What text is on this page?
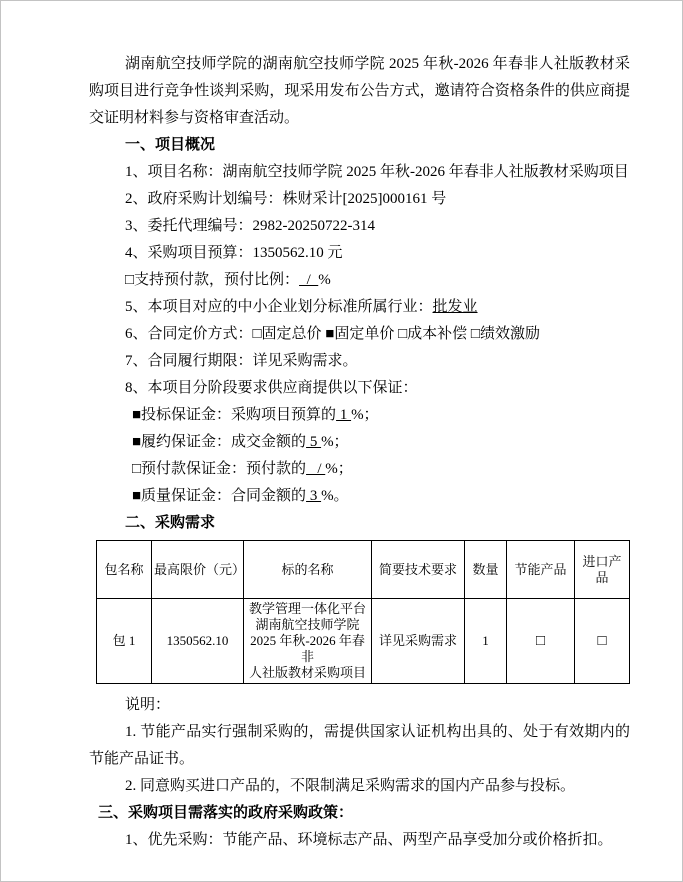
湖南航空技师学院的湖南航空技师学院 2025 年秋-2026 年春非人社版教材采购项目进行竞争性谈判采购，现采用发布公告方式，邀请符合资格条件的供应商提交证明材料参与资格审查活动。

一、项目概况

1、项目名称：湖南航空技师学院 2025 年秋-2026 年春非人社版教材采购项目

2、政府采购计划编号：株财采计[2025]000161 号

3、委托代理编号：2982-20250722-314

4、采购项目预算：1350562.10 元

□支持预付款，预付比例：  /  %

5、本项目对应的中小企业划分标准所属行业：批发业

6、合同定价方式：□固定总价 ■固定单价 □成本补偿 □绩效激励

7、合同履行期限：详见采购需求。

8、本项目分阶段要求供应商提供以下保证：

■投标保证金：采购项目预算的 1 %；

■履约保证金：成交金额的 5 %；

□预付款保证金：预付款的   / %；

■质量保证金：合同金额的 3 %。

二、采购需求

包名称	最高限价（元）	标的名称	简要技术要求	数量	节能产品	进口产品
包 1	1350562.10	教学管理一体化平台
湖南航空技师学院
2025 年秋-2026 年春非
人社版教材采购项目	详见采购需求	1	□	□

说明：

1. 节能产品实行强制采购的，需提供国家认证机构出具的、处于有效期内的节能产品证书。

2. 同意购买进口产品的，不限制满足采购需求的国内产品参与投标。

三、采购项目需落实的政府采购政策：

1、优先采购：节能产品、环境标志产品、两型产品享受加分或价格折扣。
